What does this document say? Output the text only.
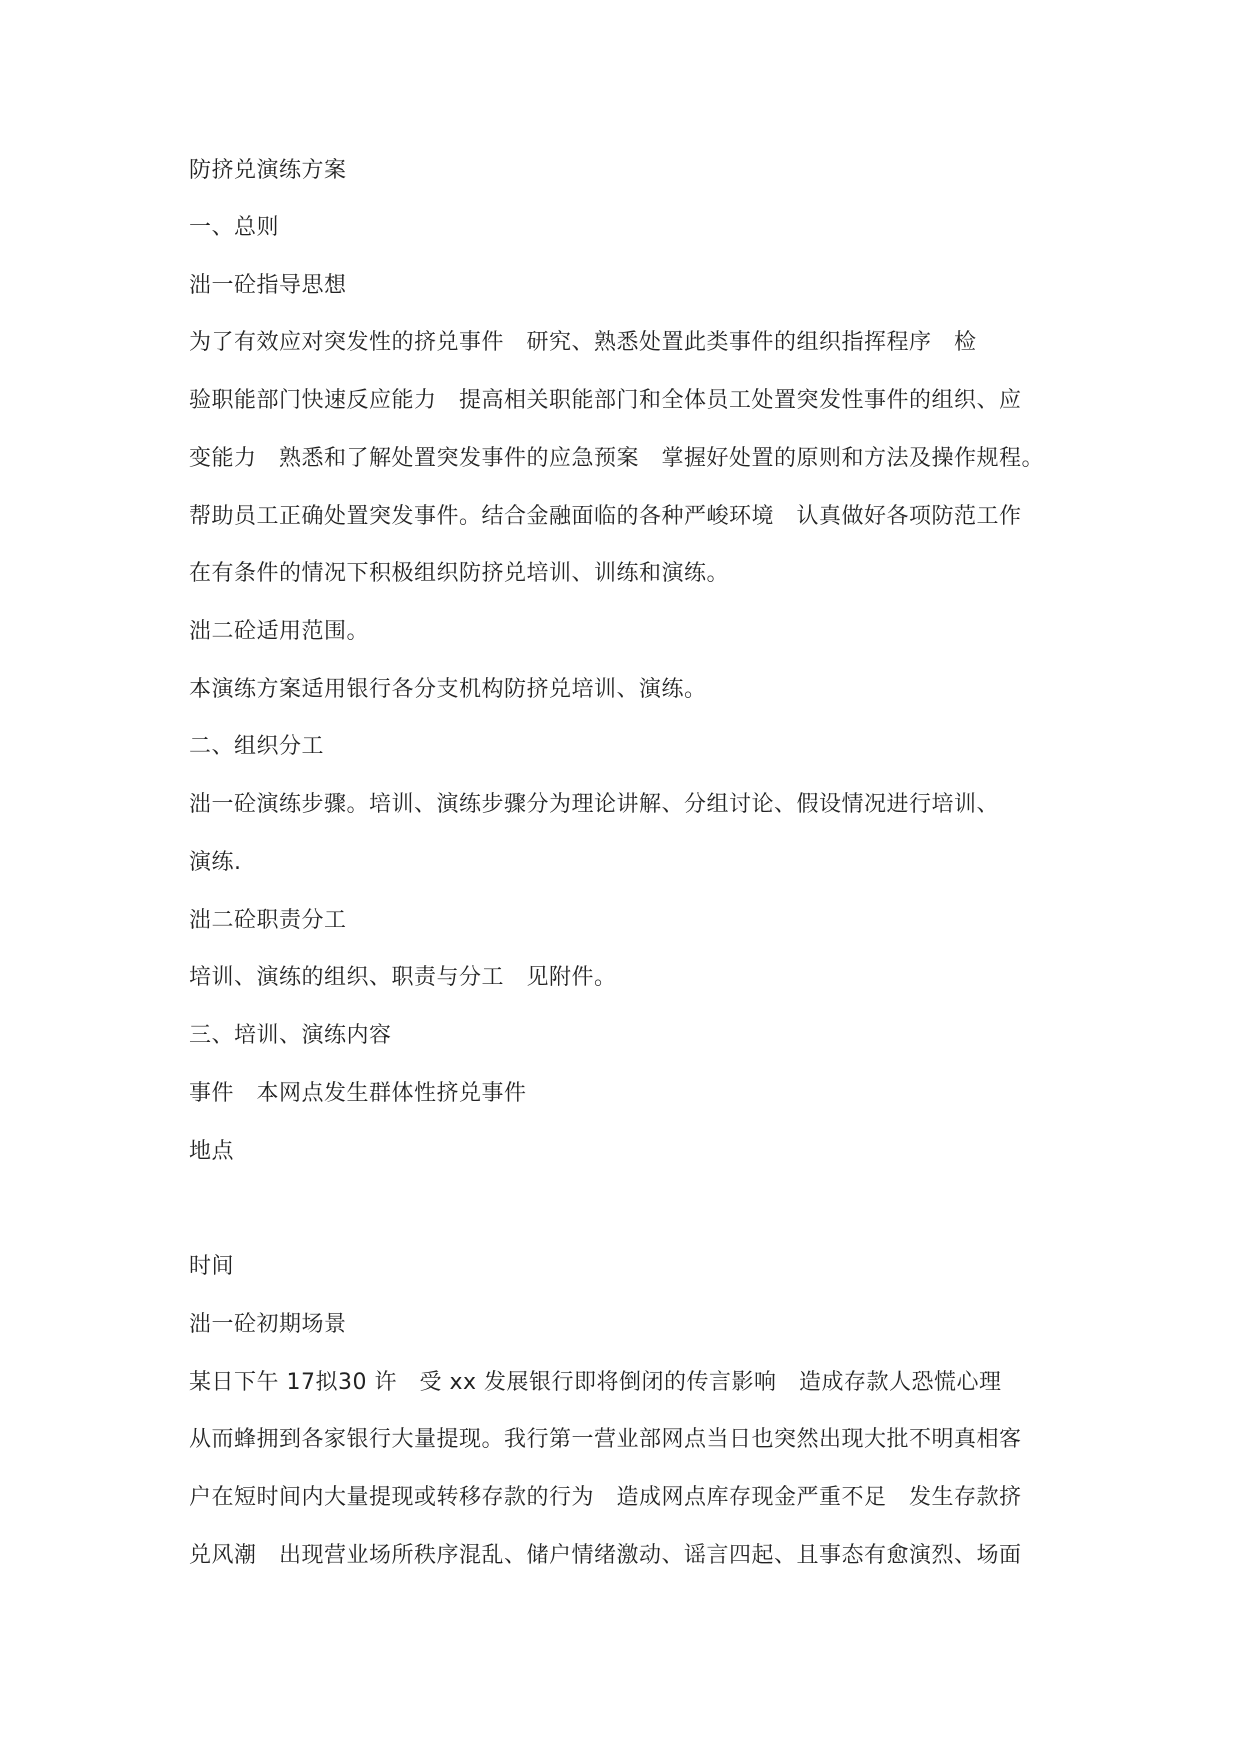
防挤兑演练方案
一、总则
泏一砼指导思想
为了有效应对突发性的挤兑事件　研究、熟悉处置此类事件的组织指挥程序　检
验职能部门快速反应能力　提高相关职能部门和全体员工处置突发性事件的组织、应
变能力　熟悉和了解处置突发事件的应急预案　掌握好处置的原则和方法及操作规程。
帮助员工正确处置突发事件。结合金融面临的各种严峻环境　认真做好各项防范工作
在有条件的情况下积极组织防挤兑培训、训练和演练。
泏二砼适用范围。
本演练方案适用银行各分支机构防挤兑培训、演练。
二、组织分工
泏一砼演练步骤。培训、演练步骤分为理论讲解、分组讨论、假设情况进行培训、
演练.
泏二砼职责分工
培训、演练的组织、职责与分工　见附件。
三、培训、演练内容
事件　本网点发生群体性挤兑事件
地点
时间
泏一砼初期场景
某日下午 17拟30 许　受 xx 发展银行即将倒闭的传言影响　造成存款人恐慌心理
从而蜂拥到各家银行大量提现。我行第一营业部网点当日也突然出现大批不明真相客
户在短时间内大量提现或转移存款的行为　造成网点库存现金严重不足　发生存款挤
兑风潮　出现营业场所秩序混乱、储户情绪激动、谣言四起、且事态有愈演烈、场面
